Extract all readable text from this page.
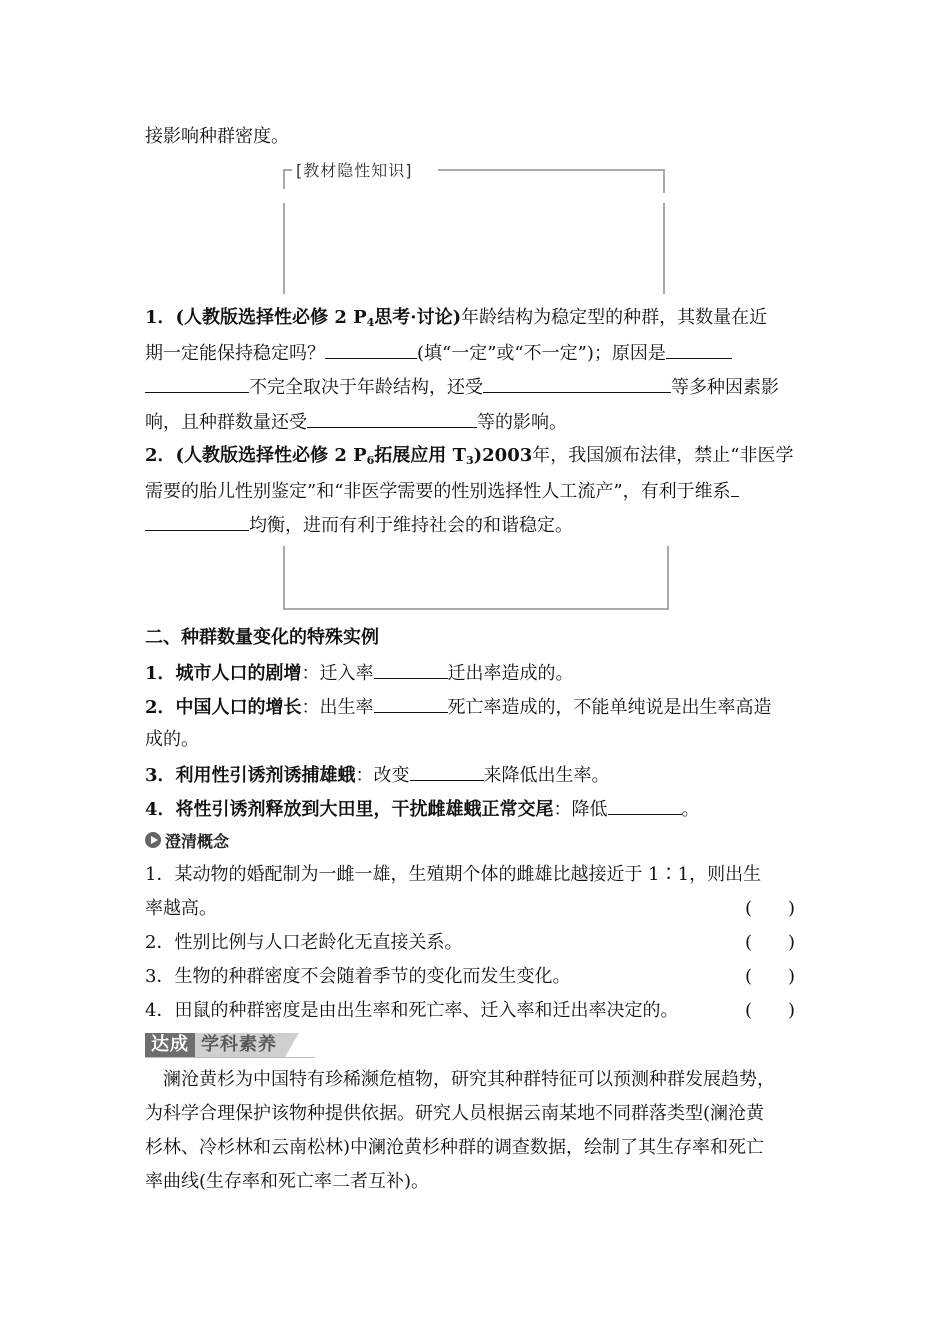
接影响种群密度。
[教材隐性知识]
1．(人教版选择性必修 2 $P_4$思考·讨论)年龄结构为稳定型的种群，其数量在近
期一定能保持稳定吗？	(填“一定”或“不一定”)；原因是
不完全取决于年龄结构，还受	等多种因素影
响，且种群数量还受	等的影响。
2．(人教版选择性必修 2 $P_6$拓展应用 $T_3)2003$年，我国颁布法律，禁止“非医学
需要的胎儿性别鉴定”和“非医学需要的性别选择性人工流产”，有利于维系
均衡，进而有利于维持社会的和谐稳定。
二、种群数量变化的特殊实例
1．城市人口的剧增：迁入率	迁出率造成的。
2．中国人口的增长：出生率	死亡率造成的，不能单纯说是出生率高造
成的。
3．利用性引诱剂诱捕雄蛾：改变	来降低出生率。
4．将性引诱剂释放到大田里，干扰雌雄蛾正常交尾：降低	。
澄清概念
1．某动物的婚配制为一雌一雄，生殖期个体的雌雄比越接近于 1∶1，则出生
率越高。	(　　)
2．性别比例与人口老龄化无直接关系。	(　　)
3．生物的种群密度不会随着季节的变化而发生变化。	(　　)
4．田鼠的种群密度是由出生率和死亡率、迁入率和迁出率决定的。	(　　)
达成 学科素养
澜沧黄杉为中国特有珍稀濒危植物，研究其种群特征可以预测种群发展趋势，
为科学合理保护该物种提供依据。研究人员根据云南某地不同群落类型(澜沧黄
杉林、冷杉林和云南松林)中澜沧黄杉种群的调查数据，绘制了其生存率和死亡
率曲线(生存率和死亡率二者互补)。
